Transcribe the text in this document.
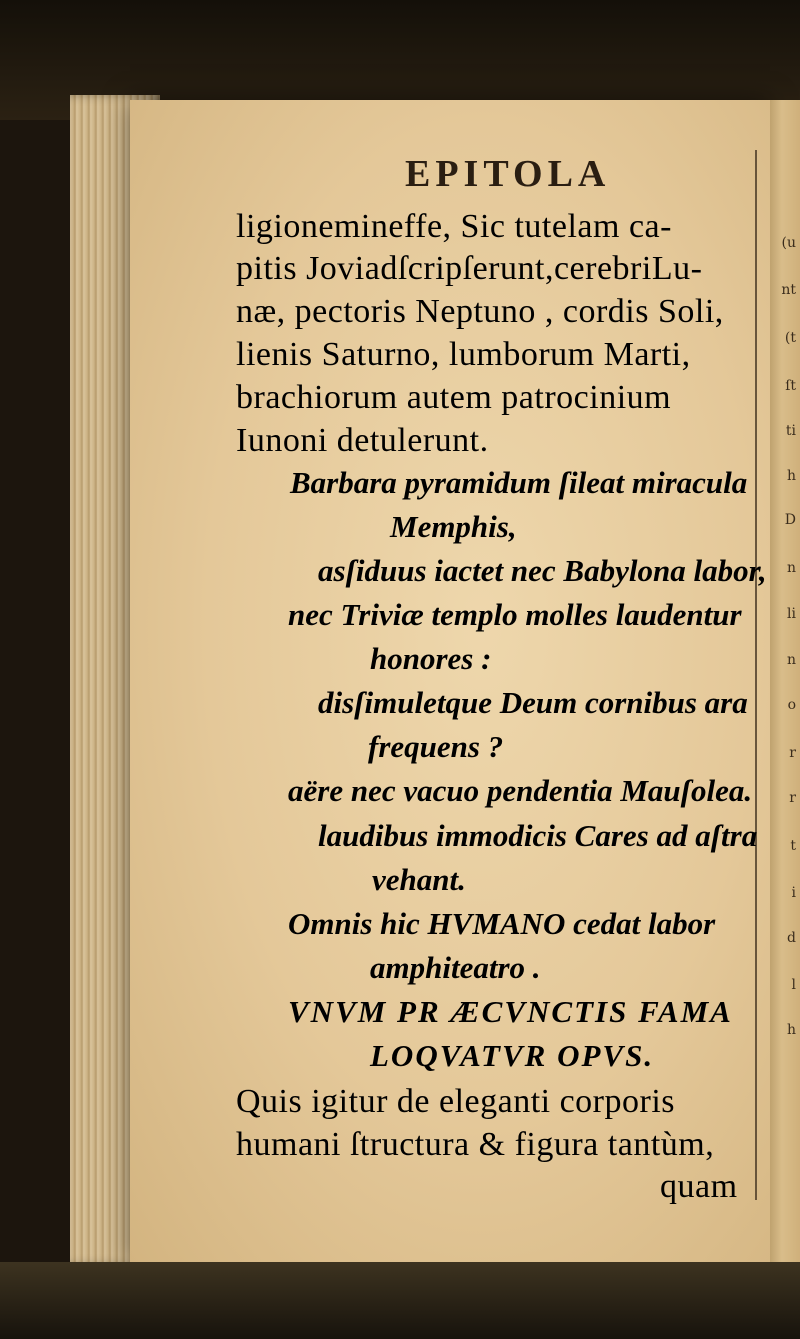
(u
nt
(t
ſt
ti
h
D
n
li
n
o
r
r
t
i
d
l
h
EPITOLA
ligionemineffe, Sic tutelam ca-
pitis Joviadſcripſerunt,cerebriLu-
næ, pectoris Neptuno , cordis Soli,
lienis Saturno, lumborum Marti,
brachiorum autem patrocinium
Iunoni detulerunt.
Barbara pyramidum ſileat miracula
Memphis,
asſiduus iactet nec Babylona labor,
nec Triviæ templo molles laudentur
honores :
disſimuletque Deum cornibus ara
frequens ?
aëre nec vacuo pendentia Mauſolea.
laudibus immodicis Cares ad aſtra
vehant.
Omnis hic HVMANO cedat labor
amphiteatro .
VNVM PR ÆCVNCTIS FAMA
LOQVATVR OPVS.
Quis igitur de eleganti corporis
humani ſtructura & figura tantùm,
quam
